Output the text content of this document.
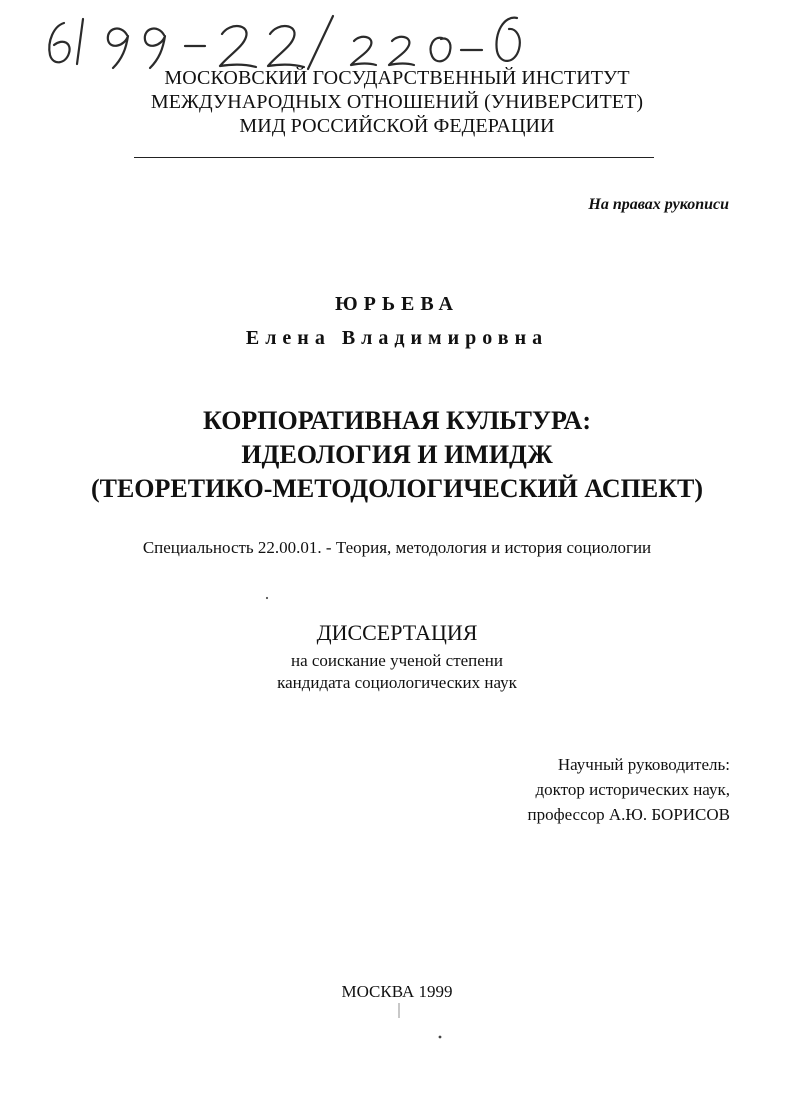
МОСКОВСКИЙ ГОСУДАРСТВЕННЫЙ ИНСТИТУТ
МЕЖДУНАРОДНЫХ ОТНОШЕНИЙ (УНИВЕРСИТЕТ)
МИД РОССИЙСКОЙ ФЕДЕРАЦИИ
На правах рукописи
ЮРЬЕВА
Елена Владимировна
КОРПОРАТИВНАЯ КУЛЬТУРА:
ИДЕОЛОГИЯ И ИМИДЖ
(ТЕОРЕТИКО-МЕТОДОЛОГИЧЕСКИЙ АСПЕКТ)
Специальность 22.00.01. - Теория, методология и история социологии
ДИССЕРТАЦИЯ
на соискание ученой степени
кандидата социологических наук
Научный руководитель:
доктор исторических наук,
профессор А.Ю. БОРИСОВ
МОСКВА 1999
